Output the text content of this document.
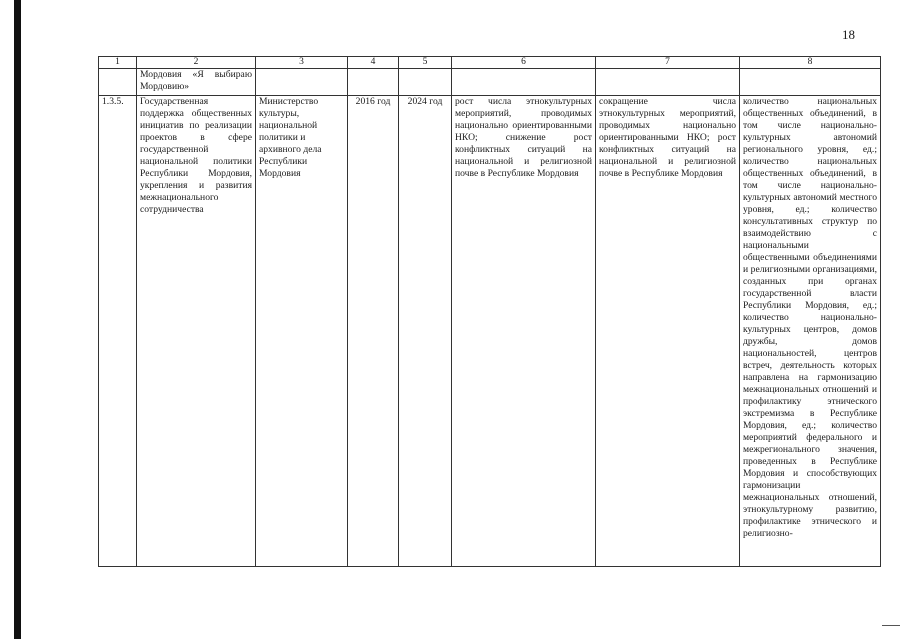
18
1	2	3	4	5	6	7	8
	Мордовия «Я выбираю Мордовию»						
1.3.5.	Государственная поддержка общественных инициатив по реализации проектов в сфере государственной национальной политики Республики Мордовия, укрепления и развития межнационального сотрудничества	Министерство культуры, национальной политики и архивного дела Республики Мордовия	2016 год	2024 год	рост числа этнокультурных мероприятий, проводимых национально ориентированными НКО; снижение рост конфликтных ситуаций на национальной и религиозной почве в Республике Мордовия	сокращение числа этнокультурных мероприятий, проводимых национально ориентированными НКО; рост конфликтных ситуаций на национальной и религиозной почве в Республике Мордовия	количество национальных общественных объединений, в том числе национально-культурных автономий регионального уровня, ед.; количество национальных общественных объединений, в том числе национально-культурных автономий местного уровня, ед.; количество консультативных структур по взаимодействию с национальными общественными объединениями и религиозными организациями, созданных при органах государственной власти Республики Мордовия, ед.; количество национально-культурных центров, домов дружбы, домов национальностей, центров встреч, деятельность которых направлена на гармонизацию межнациональных отношений и профилактику этнического экстремизма в Республике Мордовия, ед.; количество мероприятий федерального и межрегионального значения, проведенных в Республике Мордовия и способствующих гармонизации межнациональных отношений, этнокультурному развитию, профилактике этнического и религиозно-
